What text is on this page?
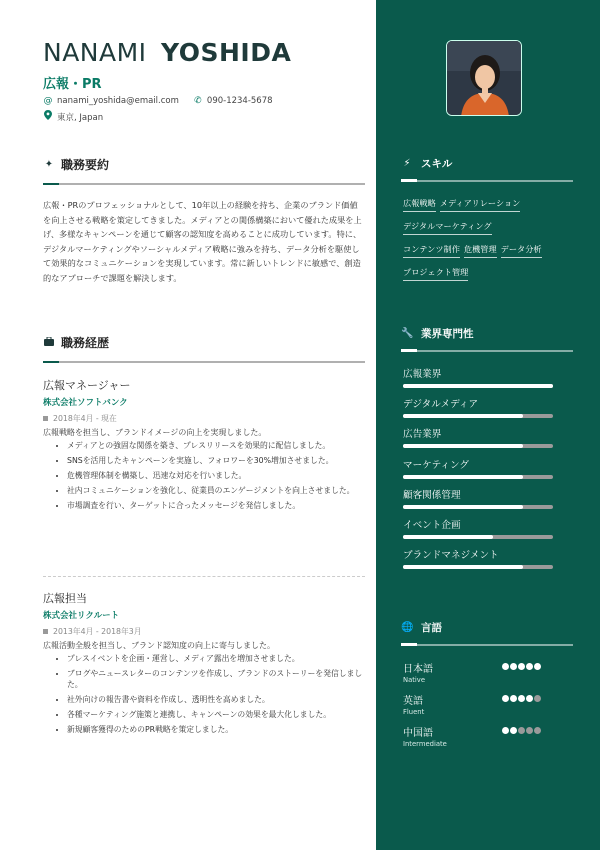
NANAMI YOSHIDA
広報・PR
@ nanami_yoshida@email.com ✆ 090-1234-5678
東京, Japan
✦ 職務要約
広報・PRのプロフェッショナルとして、10年以上の経験を持ち、企業のブランド価値を向上させる戦略を策定してきました。メディアとの関係構築において優れた成果を上げ、多様なキャンペーンを通じて顧客の認知度を高めることに成功しています。特に、デジタルマーケティングやソーシャルメディア戦略に強みを持ち、データ分析を駆使して効果的なコミュニケーションを実現しています。常に新しいトレンドに敏感で、創造的なアプローチで課題を解決します。
職務経歴
広報マネージャー
株式会社ソフトバンク
2018年4月 - 現在
広報戦略を担当し、ブランドイメージの向上を実現しました。
• メディアとの強固な関係を築き、プレスリリースを効果的に配信しました。
• SNSを活用したキャンペーンを実施し、フォロワーを30%増加させました。
• 危機管理体制を構築し、迅速な対応を行いました。
• 社内コミュニケーションを強化し、従業員のエンゲージメントを向上させました。
• 市場調査を行い、ターゲットに合ったメッセージを発信しました。
広報担当
株式会社リクルート
2013年4月 - 2018年3月
広報活動全般を担当し、ブランド認知度の向上に寄与しました。
• プレスイベントを企画・運営し、メディア露出を増加させました。
• ブログやニュースレターのコンテンツを作成し、ブランドのストーリーを発信しました。
• 社外向けの報告書や資料を作成し、透明性を高めました。
• 各種マーケティング施策と連携し、キャンペーンの効果を最大化しました。
• 新規顧客獲得のためのPR戦略を策定しました。
⚡ スキル
広報戦略 メディアリレーション
デジタルマーケティング
コンテンツ制作 危機管理 データ分析
プロジェクト管理
🔧 業界専門性
広報業界
デジタルメディア
広告業界
マーケティング
顧客関係管理
イベント企画
ブランドマネジメント
🌐 言語
日本語
Native
英語
Fluent
中国語
Intermediate
